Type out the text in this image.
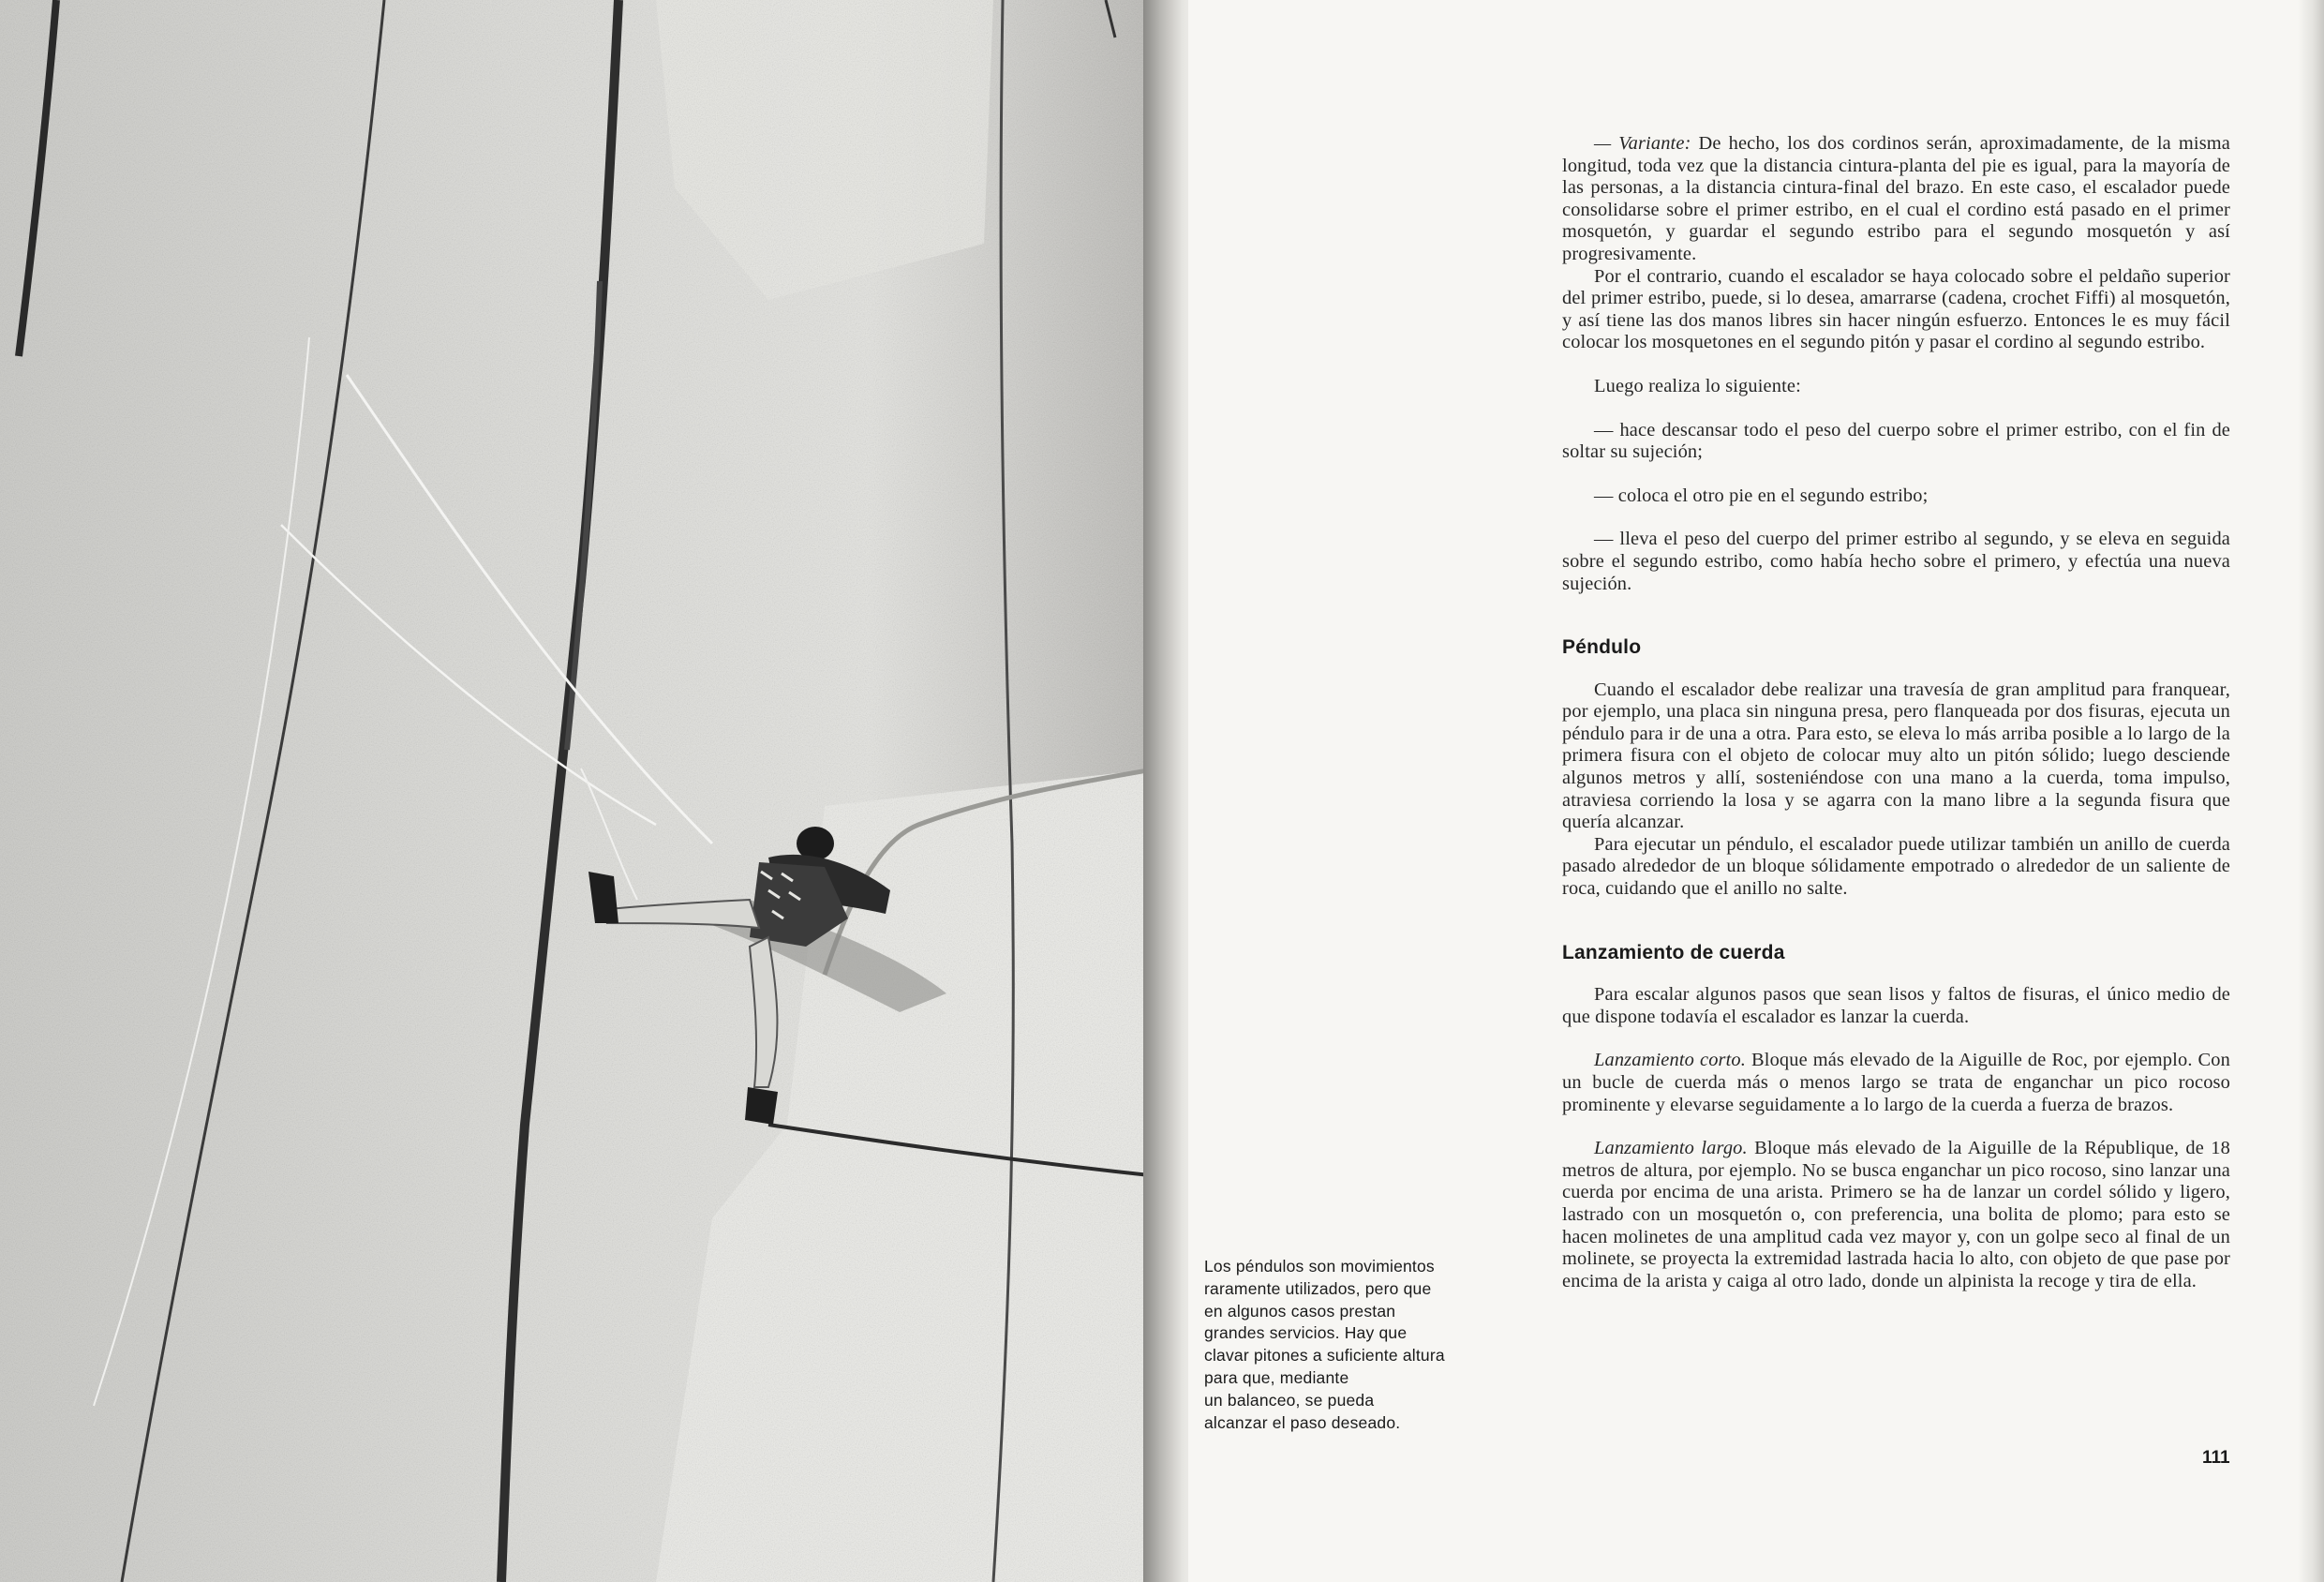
Los péndulos son movimientos
raramente utilizados, pero que
en algunos casos prestan
grandes servicios. Hay que
clavar pitones a suficiente altura
para que, mediante
un balanceo, se pueda
alcanzar el paso deseado.

— Variante: De hecho, los dos cordinos serán, aproximadamente, de la misma longitud, toda vez que la distancia cintura-planta del pie es igual, para la mayoría de las personas, a la distancia cintura-final del brazo. En este caso, el escalador puede consolidarse sobre el primer estribo, en el cual el cordino está pasado en el primer mosquetón, y guardar el segundo estribo para el segundo mosquetón y así progresivamente.

Por el contrario, cuando el escalador se haya colocado sobre el peldaño superior del primer estribo, puede, si lo desea, amarrarse (cadena, crochet Fiffi) al mosquetón, y así tiene las dos manos libres sin hacer ningún esfuerzo. Entonces le es muy fácil colocar los mosquetones en el segundo pitón y pasar el cordino al segundo estribo.

Luego realiza lo siguiente:

— hace descansar todo el peso del cuerpo sobre el primer estribo, con el fin de soltar su sujeción;

— coloca el otro pie en el segundo estribo;

— lleva el peso del cuerpo del primer estribo al segundo, y se eleva en seguida sobre el segundo estribo, como había hecho sobre el primero, y efectúa una nueva sujeción.

Péndulo

Cuando el escalador debe realizar una travesía de gran amplitud para franquear, por ejemplo, una placa sin ninguna presa, pero flanqueada por dos fisuras, ejecuta un péndulo para ir de una a otra. Para esto, se eleva lo más arriba posible a lo largo de la primera fisura con el objeto de colocar muy alto un pitón sólido; luego desciende algunos metros y allí, sosteniéndose con una mano a la cuerda, toma impulso, atraviesa corriendo la losa y se agarra con la mano libre a la segunda fisura que quería alcanzar.

Para ejecutar un péndulo, el escalador puede utilizar también un anillo de cuerda pasado alrededor de un bloque sólidamente empotrado o alrededor de un saliente de roca, cuidando que el anillo no salte.

Lanzamiento de cuerda

Para escalar algunos pasos que sean lisos y faltos de fisuras, el único medio de que dispone todavía el escalador es lanzar la cuerda.

Lanzamiento corto. Bloque más elevado de la Aiguille de Roc, por ejemplo. Con un bucle de cuerda más o menos largo se trata de enganchar un pico rocoso prominente y elevarse seguidamente a lo largo de la cuerda a fuerza de brazos.

Lanzamiento largo. Bloque más elevado de la Aiguille de la République, de 18 metros de altura, por ejemplo. No se busca enganchar un pico rocoso, sino lanzar una cuerda por encima de una arista. Primero se ha de lanzar un cordel sólido y ligero, lastrado con un mosquetón o, con preferencia, una bolita de plomo; para esto se hacen molinetes de una amplitud cada vez mayor y, con un golpe seco al final de un molinete, se proyecta la extremidad lastrada hacia lo alto, con objeto de que pase por encima de la arista y caiga al otro lado, donde un alpinista la recoge y tira de ella.

111
